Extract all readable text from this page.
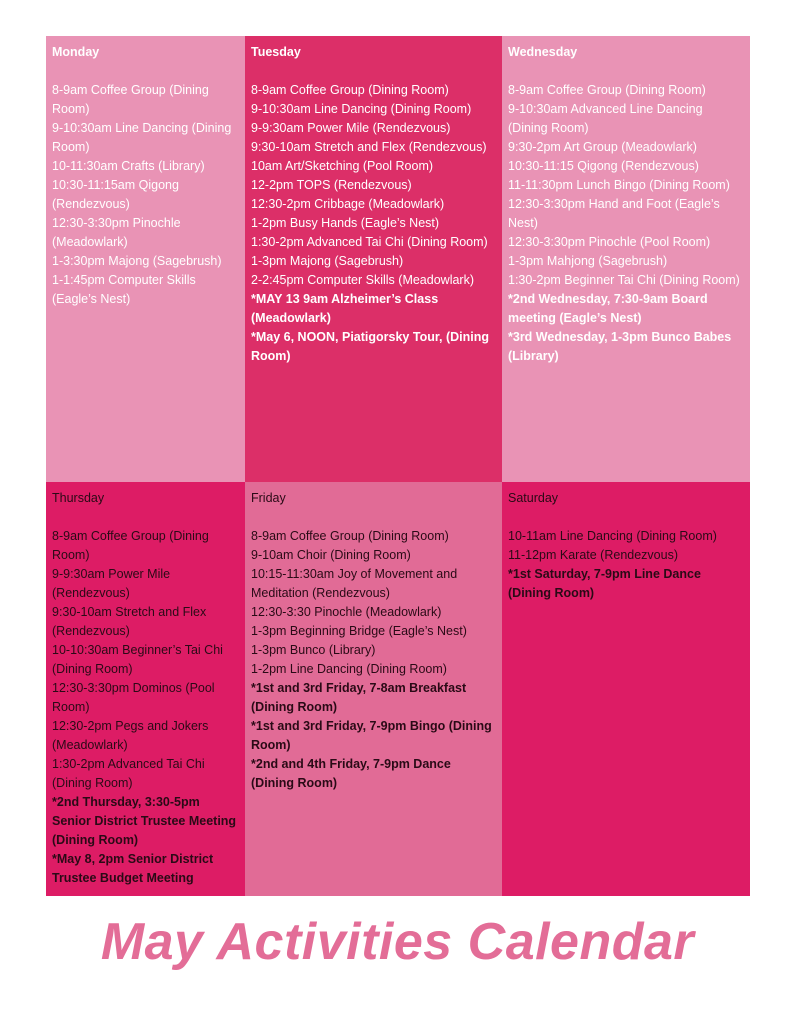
Monday
8-9am Coffee Group (Dining Room)
9-10:30am Line Dancing (Dining Room)
10-11:30am Crafts (Library)
10:30-11:15am Qigong (Rendezvous)
12:30-3:30pm Pinochle (Meadowlark)
1-3:30pm Majong (Sagebrush)
1-1:45pm Computer Skills (Eagle’s Nest)
Tuesday
8-9am Coffee Group (Dining Room)
9-10:30am Line Dancing (Dining Room)
9-9:30am Power Mile (Rendezvous)
9:30-10am Stretch and Flex (Rendezvous)
10am Art/Sketching (Pool Room)
12-2pm TOPS (Rendezvous)
12:30-2pm Cribbage (Meadowlark)
1-2pm Busy Hands (Eagle’s Nest)
1:30-2pm Advanced Tai Chi (Dining Room)
1-3pm Majong (Sagebrush)
2-2:45pm Computer Skills (Meadowlark)
*MAY 13 9am Alzheimer’s Class (Meadowlark)
*May 6, NOON, Piatigorsky Tour, (Dining Room)
Wednesday
8-9am Coffee Group (Dining Room)
9-10:30am Advanced Line Dancing (Dining Room)
9:30-2pm Art Group (Meadowlark)
10:30-11:15 Qigong (Rendezvous)
11-11:30pm Lunch Bingo (Dining Room)
12:30-3:30pm Hand and Foot (Eagle’s Nest)
12:30-3:30pm Pinochle (Pool Room)
1-3pm Mahjong (Sagebrush)
1:30-2pm Beginner Tai Chi (Dining Room)
*2nd Wednesday, 7:30-9am Board meeting (Eagle’s Nest)
*3rd Wednesday, 1-3pm Bunco Babes (Library)
Thursday
8-9am Coffee Group (Dining Room)
9-9:30am Power Mile (Rendezvous)
9:30-10am Stretch and Flex (Rendezvous)
10-10:30am Beginner’s Tai Chi (Dining Room)
12:30-3:30pm Dominos (Pool Room)
12:30-2pm Pegs and Jokers (Meadowlark)
1:30-2pm Advanced Tai Chi (Dining Room)
*2nd Thursday, 3:30-5pm Senior District Trustee Meeting (Dining Room)
*May 8, 2pm Senior District Trustee Budget Meeting
Friday
8-9am Coffee Group (Dining Room)
9-10am Choir (Dining Room)
10:15-11:30am Joy of Movement and Meditation (Rendezvous)
12:30-3:30 Pinochle (Meadowlark)
1-3pm Beginning Bridge (Eagle’s Nest)
1-3pm Bunco (Library)
1-2pm Line Dancing (Dining Room)
*1st and 3rd Friday, 7-8am Breakfast (Dining Room)
*1st and 3rd Friday, 7-9pm Bingo (Dining Room)
*2nd and 4th Friday, 7-9pm Dance (Dining Room)
Saturday
10-11am Line Dancing (Dining Room)
11-12pm Karate (Rendezvous)
*1st Saturday, 7-9pm Line Dance (Dining Room)
May Activities Calendar
